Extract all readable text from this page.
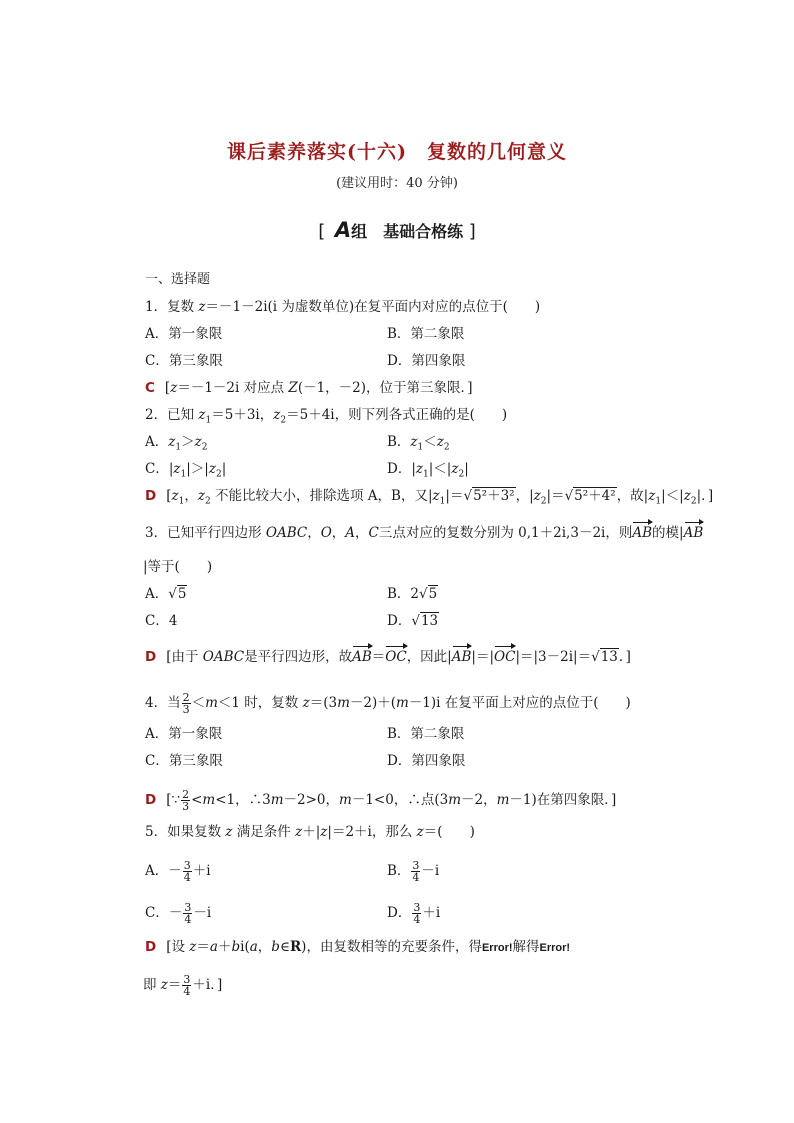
课后素养落实(十六)　复数的几何意义
(建议用时：40 分钟)
[ A组　基础合格练 ]
一、选择题
1．复数 z＝－1－2i(i 为虚数单位)在复平面内对应的点位于(　　)
A．第一象限	B．第二象限
C．第三象限	D．第四象限
C [z＝－1－2i 对应点 Z(－1，－2)，位于第三象限．]
2．已知 $z_1=5+3i$，$z_2=5+4i$，则下列各式正确的是(　　)
A．$z_1>z_2$	B．$z_1<z_2$
C．$|z_1|>|z_2|$	D．$|z_1|<|z_2|$
D [$z_1$，$z_2$ 不能比较大小，排除选项 A，B，又$|z_1|=√5^2+3^2$，$|z_2|=√5^2+4^2$，故$|z_1|<|z_2|$．]
3．已知平行四边形 OABC，O，A，C三点对应的复数分别为 0,1＋2i,3－2i，则AB的模|AB
|等于(　　)
A．√5	B．2√5
C．4	D．√13
D [由于 OABC是平行四边形，故AB＝OC，因此|AB|＝|OC|＝|3－2i|＝√13．]
4．当 $\frac{2}{3} <m<1$ 时，复数 z＝(3m－2)＋(m－1)i 在复平面上对应的点位于(　　)
A．第一象限	B．第二象限
C．第三象限	D．第四象限
D [∵ $\frac{2}{3} <m<1$，∴3m－2>0，m－1<0，∴点(3m－2，m－1)在第四象限．]
5．如果复数 z 满足条件 z＋|z|＝2＋i，那么 z＝(　　)
A．－ $\frac{3}{4} +i$	B． $\frac{3}{4} -i$
C．－ $\frac{3}{4} -i$	D． $\frac{3}{4} +i$
D [设 z＝a＋bi(a，b∈R)，由复数相等的充要条件，得Error!解得Error!
即 $z= \frac{3}{4} +i$．]
